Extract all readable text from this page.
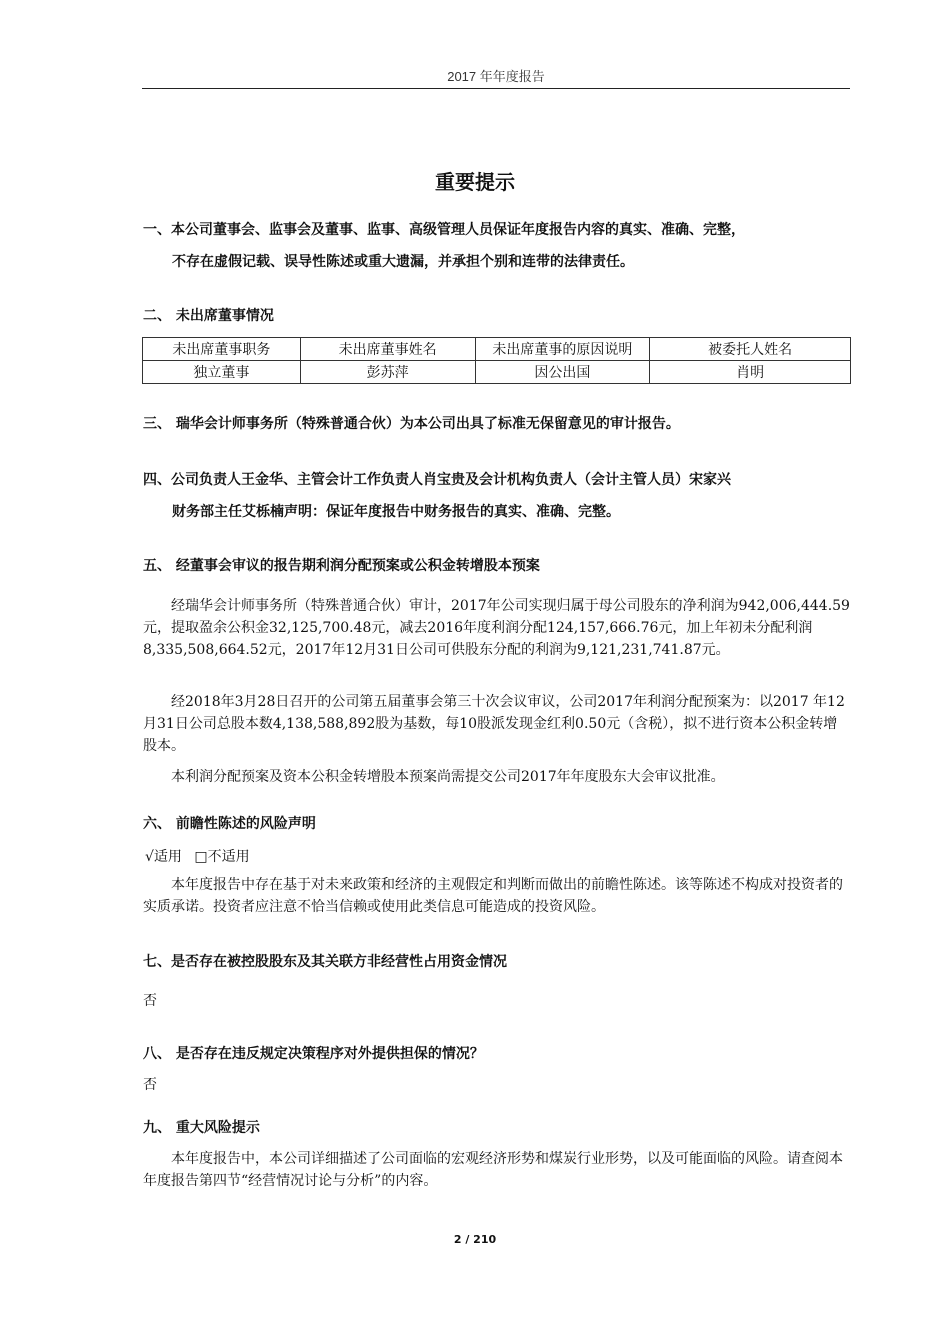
2017 年年度报告
重要提示
一、本公司董事会、监事会及董事、监事、高级管理人员保证年度报告内容的真实、准确、完整，
不存在虚假记载、误导性陈述或重大遗漏，并承担个别和连带的法律责任。
二、 未出席董事情况
未出席董事职务	未出席董事姓名	未出席董事的原因说明	被委托人姓名
独立董事	彭苏萍	因公出国	肖明
三、 瑞华会计师事务所（特殊普通合伙）为本公司出具了标准无保留意见的审计报告。
四、公司负责人王金华、主管会计工作负责人肖宝贵及会计机构负责人（会计主管人员）宋家兴
财务部主任艾栎楠声明：保证年度报告中财务报告的真实、准确、完整。
五、 经董事会审议的报告期利润分配预案或公积金转增股本预案
经瑞华会计师事务所（特殊普通合伙）审计，2017年公司实现归属于母公司股东的净利润为942,006,444.59元，提取盈余公积金32,125,700.48元，减去2016年度利润分配124,157,666.76元，加上年初未分配利润8,335,508,664.52元，2017年12月31日公司可供股东分配的利润为9,121,231,741.87元。
经2018年3月28日召开的公司第五届董事会第三十次会议审议，公司2017年利润分配预案为：以2017 年12月31日公司总股本数4,138,588,892股为基数，每10股派发现金红利0.50元（含税），拟不进行资本公积金转增股本。
本利润分配预案及资本公积金转增股本预案尚需提交公司2017年年度股东大会审议批准。
六、 前瞻性陈述的风险声明
√适用 □不适用
本年度报告中存在基于对未来政策和经济的主观假定和判断而做出的前瞻性陈述。该等陈述不构成对投资者的实质承诺。投资者应注意不恰当信赖或使用此类信息可能造成的投资风险。
七、是否存在被控股股东及其关联方非经营性占用资金情况
否
八、 是否存在违反规定决策程序对外提供担保的情况？
否
九、 重大风险提示
本年度报告中，本公司详细描述了公司面临的宏观经济形势和煤炭行业形势，以及可能面临的风险。请查阅本年度报告第四节“经营情况讨论与分析”的内容。
2 / 210
